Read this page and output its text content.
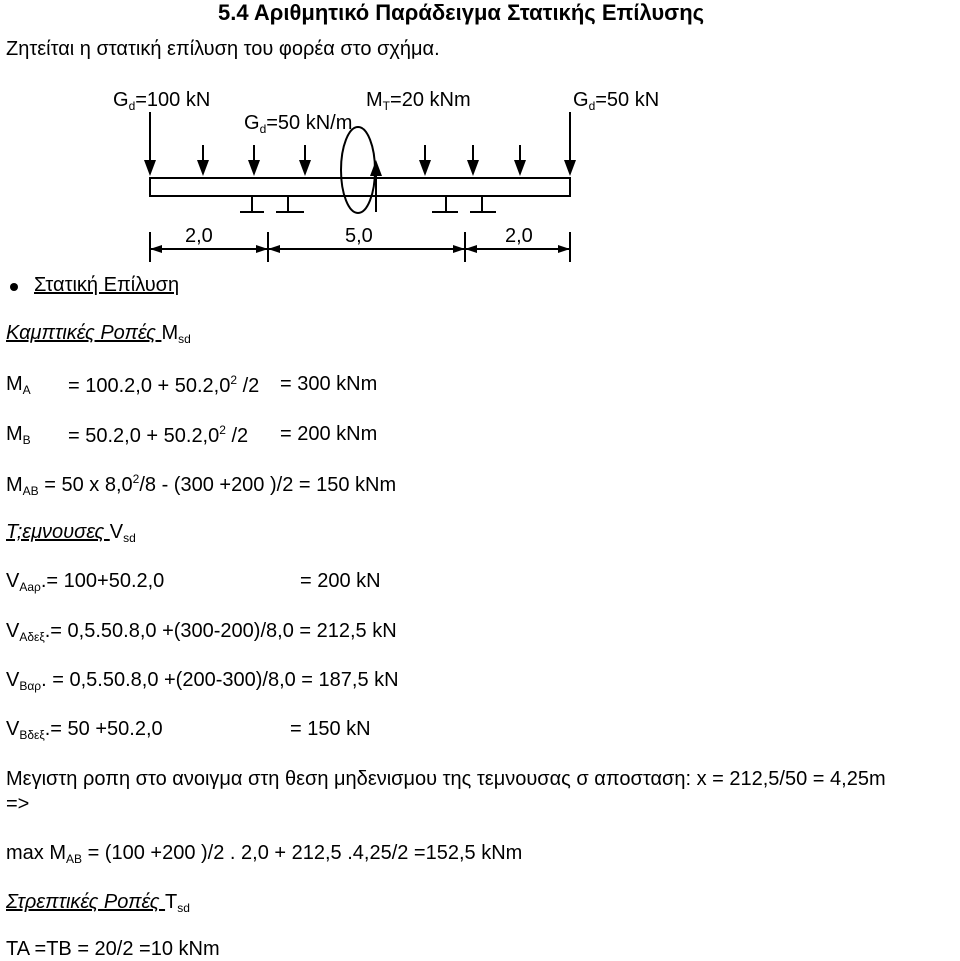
5.4 Αριθμητικό Παράδειγμα Στατικής Επίλυσης
Ζητείται η στατική επίλυση του φορέα στο σχήμα.
$G_d=100$ kN	$M_T=20$ kNm	$G_d=50$ kN
$G_d=50$ kN/m
2,0	5,0	2,0
Στατική Επίλυση
Καμπτικές Ροπές $M_{sd}$
$M_A = 100.2,0 + 50.2,0^2$ /2 = 300 kNm
$M_B = 50.2,0 + 50.2,0^2$ /2 = 200 kNm
$M_{AB} = 50$ x $8,0^2/8 - (300 +200$ )/2 = 150 kNm
Τ;εμνουσες $V_{sd}$
$V_{Aa\rho}.= 100+50.2,0$	= 200 kN
$V_{A\delta\varepsilon\xi}.= 0,5.50.8,0 +(300-200)/8,0 = 212,5$ kN
$V_{B\alpha\rho}$. = 0,5.50.8,0 +(200-300)/8,0 = 187,5 kN
$V_{B\delta\varepsilon\xi}.= 50 +50.2,0$	= 150 kN
Μεγιστη ροπη στο ανοιγμα στη θεση μηδενισμου της τεμνουσας σ αποσταση: x = 212,5/50 = 4,25m
=>
$\max M_{AB} = (100 +200$ )/2 . 2,0 + 212,5 .4,25/2 =152,5 kNm
Στρεπτικές Ροπές $T_{sd}$
TA =TB = 20/2 =10 kNm
